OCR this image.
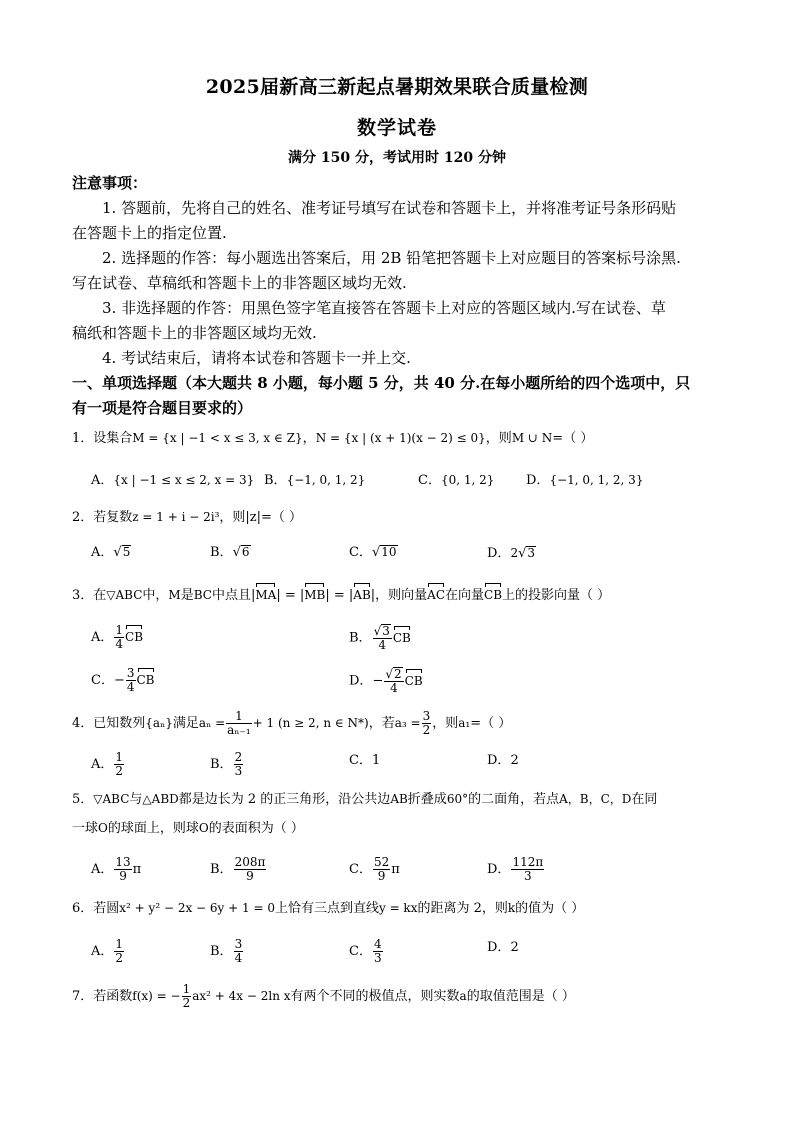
2025届新高三新起点暑期效果联合质量检测
数学试卷
满分 150 分，考试用时 120 分钟
注意事项：
1. 答题前，先将自己的姓名、准考证号填写在试卷和答题卡上，并将准考证号条形码贴
在答题卡上的指定位置.
2. 选择题的作答：每小题选出答案后，用 2B 铅笔把答题卡上对应题目的答案标号涂黑.
写在试卷、草稿纸和答题卡上的非答题区域均无效.
3. 非选择题的作答：用黑色签字笔直接答在答题卡上对应的答题区域内.写在试卷、草
稿纸和答题卡上的非答题区域均无效.
4. 考试结束后，请将本试卷和答题卡一并上交.
一、单项选择题（本大题共 8 小题，每小题 5 分，共 40 分.在每小题所给的四个选项中，只
有一项是符合题目要求的）
1．设集合M = {x | −1 < x ≤ 3, x ∈ Z}，N = {x | (x + 1)(x − 2) ≤ 0}，则M ∪ N=（ ）
A．{x | −1 ≤ x ≤ 2, x = 3} B．{−1, 0, 1, 2}	C．{0, 1, 2} D．{−1, 0, 1, 2, 3}
2．若复数z = 1 + i − 2i³，则|z|=（ ）
A．√5	B．√6	C．√10	D．2√3
3．在▽ABC中，M是BC中点且|MA| = |MB| = |AB|，则向量AC在向量CB上的投影向量（ ）
A． $\frac{1}{4}$ CB	B． $\frac{√3}{4}$ CB
C．− $\frac{3}{4}$ CB	D．− $\frac{√2}{4}$ CB
4．已知数列{aₙ}满足$a_n = \frac{1}{\text{aₙ₋₁}} + 1$ (n ≥ 2, n ∈ N*)，若$a_3 = \frac{3}{2}$ ，则a₁=（ ）
A． $\frac{1}{2}$	B． $\frac{2}{3}$	C．1	D．2
5．▽ABC与△ABD都是边长为 2 的正三角形，沿公共边AB折叠成60°的二面角，若点A，B，C，D在同
一球O的球面上，则球O的表面积为（ ）
A． $\frac{13}{9}$ π	B． $\frac{208\pi}{9}$	C． $\frac{52}{9}$ π	D． $\frac{112\pi}{3}$
6．若圆x² + y² − 2x − 6y + 1 = 0上恰有三点到直线y = kx的距离为 2，则k的值为（ ）
A． $\frac{1}{2}$	B． $\frac{3}{4}$	C． $\frac{4}{3}$	D．2
7．若函数f(x) = − $\frac{1}{2} ax^2 + 4x - 2\ln$ x有两个不同的极值点，则实数a的取值范围是（ ）
